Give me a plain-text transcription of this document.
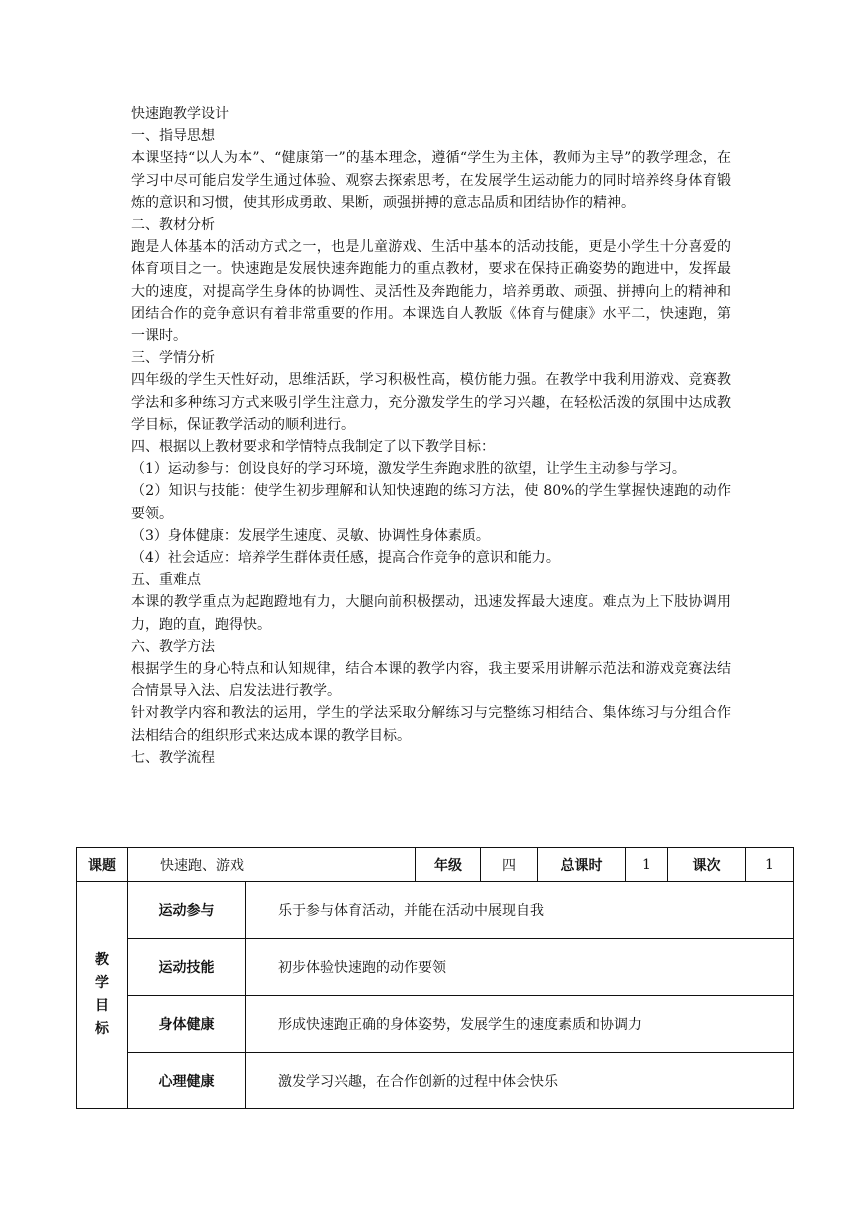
快速跑教学设计

一、指导思想

本课坚持“以人为本”、“健康第一”的基本理念，遵循“学生为主体，教师为主导”的教学理念，在学习中尽可能启发学生通过体验、观察去探索思考，在发展学生运动能力的同时培养终身体育锻炼的意识和习惯，使其形成勇敢、果断，顽强拼搏的意志品质和团结协作的精神。

二、教材分析

跑是人体基本的活动方式之一，也是儿童游戏、生活中基本的活动技能，更是小学生十分喜爱的体育项目之一。快速跑是发展快速奔跑能力的重点教材，要求在保持正确姿势的跑进中，发挥最大的速度，对提高学生身体的协调性、灵活性及奔跑能力，培养勇敢、顽强、拼搏向上的精神和团结合作的竞争意识有着非常重要的作用。本课选自人教版《体育与健康》水平二，快速跑，第一课时。

三、学情分析

四年级的学生天性好动，思维活跃，学习积极性高，模仿能力强。在教学中我利用游戏、竞赛教学法和多种练习方式来吸引学生注意力，充分激发学生的学习兴趣，在轻松活泼的氛围中达成教学目标，保证教学活动的顺利进行。

四、根据以上教材要求和学情特点我制定了以下教学目标：

（1）运动参与：创设良好的学习环境，激发学生奔跑求胜的欲望，让学生主动参与学习。

（2）知识与技能：使学生初步理解和认知快速跑的练习方法，使 80%的学生掌握快速跑的动作要领。

（3）身体健康：发展学生速度、灵敏、协调性身体素质。

（4）社会适应：培养学生群体责任感，提高合作竞争的意识和能力。

五、重难点

本课的教学重点为起跑蹬地有力，大腿向前积极摆动，迅速发挥最大速度。难点为上下肢协调用力，跑的直，跑得快。

六、教学方法

根据学生的身心特点和认知规律，结合本课的教学内容，我主要采用讲解示范法和游戏竞赛法结合情景导入法、启发法进行教学。

针对教学内容和教法的运用，学生的学法采取分解练习与完整练习相结合、集体练习与分组合作法相结合的组织形式来达成本课的教学目标。

七、教学流程

课题	快速跑、游戏		年级	四	总课时	1	课次	1

教
学
目
标	运动参与	乐于参与体育活动，并能在活动中展现自我						
	运动技能	初步体验快速跑的动作要领						
	身体健康	形成快速跑正确的身体姿势，发展学生的速度素质和协调力						
	心理健康	激发学习兴趣，在合作创新的过程中体会快乐						
